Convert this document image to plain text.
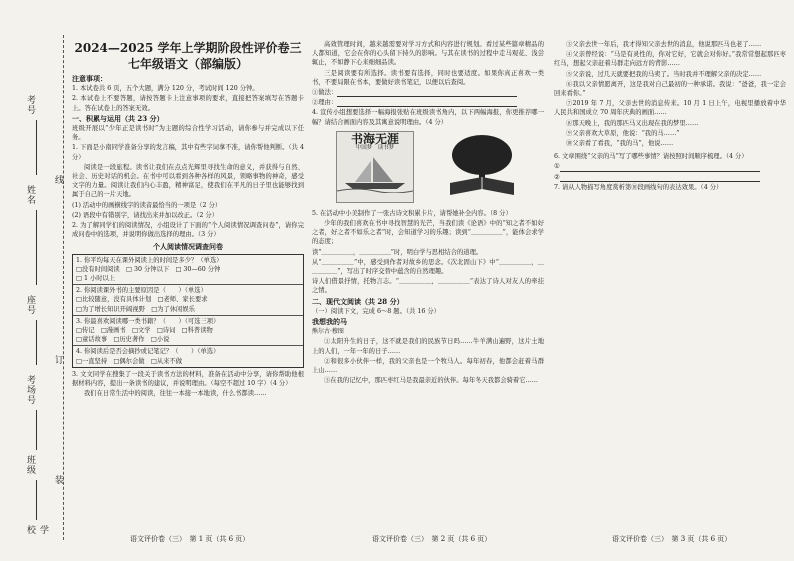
考号
姓名
座号
考场号
班级
学校
线
订
装
2024—2025 学年上学期阶段性评价卷三
七年级语文（部编版）

注意事项：

1. 本试卷共 6 页，五个大题，满分 120 分，考试时间 120 分钟。

2. 本试卷上不要答题，请按答题卡上注意事项的要求，直接把答案填写在答题卡上。答在试卷上的答案无效。

一、积累与运用（共 23 分）

班级开展以“少年正是读书时”为主题的综合性学习活动，请你参与并完成以下任务。

1. 下面是小南同学准备分享的发言稿，其中有些字词拿不准，请你帮他判断。（共 4 分）

阅读是一段旅程。读书让我们在点点光辉里寻找生命的意义，并获得与自然、社会、历史对话的机会。在书中可以看到各种各样的风景，领略事物的神奇，感受文字的力量。阅读让我们内心丰盈，精神富足，使我们在平凡的日子里也能够找到属于自己的一片天地。

(1) 活动中的画横线字的读音最恰当的一项是（2 分）

(2) 语段中有错别字，请找出来并加以改正。（2 分）

2. 为了解同学们的阅读情况，小组设计了下面的“个人阅读情况调查问卷”，请你完成问卷中的选项，并说明你做出选择的理由。（3 分）

个人阅读情况调查问卷
1. 你平均每天在课外阅读上的时间是多少？（单选）
□没有时间阅读　□ 30 分钟以下　□ 30—60 分钟
□ 1 小时以上
2. 你阅读课外书的主要原因是（　　）（单选）
□比较随意，没有具体计划　□老师、家长要求
□为了增长知识开阔视野　□为了休闲娱乐
3. 你最喜欢阅读哪一类书籍？（　　）（可选三项）
□传记　□漫画书　□文学　□诗词　□科普读物
□童话故事　□历史著作　□小说
4. 你阅读后是否会摘抄或记笔记？（　　）（单选）
□一直坚持　□偶尔会做　□从来不做

3. 文文同学在搜集了一段关于读书方法的材料，准备在活动中分享，请你帮助他根据材料内容，提出一条读书的建议，并说明理由。（每空不超过 10 字）（4 分）

我们在日常生活中的阅读，往往一本接一本地读，什么书都读……

语文评价卷（三）　第 1 页（共 6 页）

高效管理时间，越来越需要对学习方式和内容进行规划。看过某些篇章精品的人都知道，它会在你的心头留下持久的影响。与其在读书的过程中走马观花、浅尝辄止，不如静下心来细细品读。

三是阅读要有所选择。读书要有选择，同时也要适度。如果你真正喜欢一类书，不要局限在书本，要做好读书笔记，以便以后查阅。

①做法：

②理由：

4. 宣传小组想要选择一幅海报张贴在班级读书角内，以下两幅海报，你更推荐哪一幅？请结合画面内容及其寓意说明理由。（4 分）

书海无涯
中国梦　读书梦

5. 在活动中小美制作了一张古诗文积累卡片，请帮她补全内容。（8 分）

少年的我们喜欢在书中寻找智慧的光芒，当我们读《论语》中的“知之者不如好之者，好之者不如乐之者”时，会知道学习的乐趣；读到“＿＿＿＿＿”，能体会求学的态度；

读“＿＿＿＿＿，＿＿＿＿＿”时，明白学与思相结合的道理。

从“＿＿＿＿＿”中，感受到作者对故乡的思念。《次北固山下》中“＿＿＿＿＿，＿＿＿＿＿”，写出了时序交替中蕴含的自然理趣。

诗人们借景抒情，托物言志。“＿＿＿＿＿，＿＿＿＿＿”表达了诗人对友人的牵挂之情。

二、现代文阅读（共 28 分）

（一）阅读下文，完成 6～8 题。（共 16 分）

我想我的马

熊尔古·穆图

①太阳升生的日子，这不就是我们的民族节日吗……牛羊满山遍野，这片土地上的人们，一年一年的日子……

②和很多小伙伴一样，我的父亲也是一个牧马人。每年初春，他都会赶着马群上山……

③在我的记忆中，那匹枣红马是我最亲近的伙伴。每年冬天我都会骑着它……

语文评价卷（三）　第 2 页（共 6 页）

③父亲去世一年后，我才得知父亲去世的消息，他说那匹马也老了……

④父亲曾经说：“马是有灵性的，你对它好，它就会对你好。”我常常想起那匹枣红马，想起父亲赶着马群走向远方的背影……

⑤父亲说，过几天就要把我的马卖了。当时我并不理解父亲的决定……

⑥我以父亲情愿离开，这是我对自己最初的一种承诺。我说：“爸爸，我一定会回来看你。”

⑦2019 年 7 月，父亲去世的消息传来。10 月 1 日上午，电视里播放着中华人民共和国成立 70 周年庆典的画面……

⑧那天晚上，我的那匹马又出现在我的梦里……

⑨父亲喜欢大草原，他说：“我的马……”

⑩父亲看了看我，“我的马”，他说……

6. 文章围绕“父亲的马”写了哪些事情？请按照时间顺序梳理。（4 分）

①

②

7. 请从人物描写角度赏析第⑩段画线句的表达效果。（4 分）

语文评价卷（三）　第 3 页（共 6 页）
